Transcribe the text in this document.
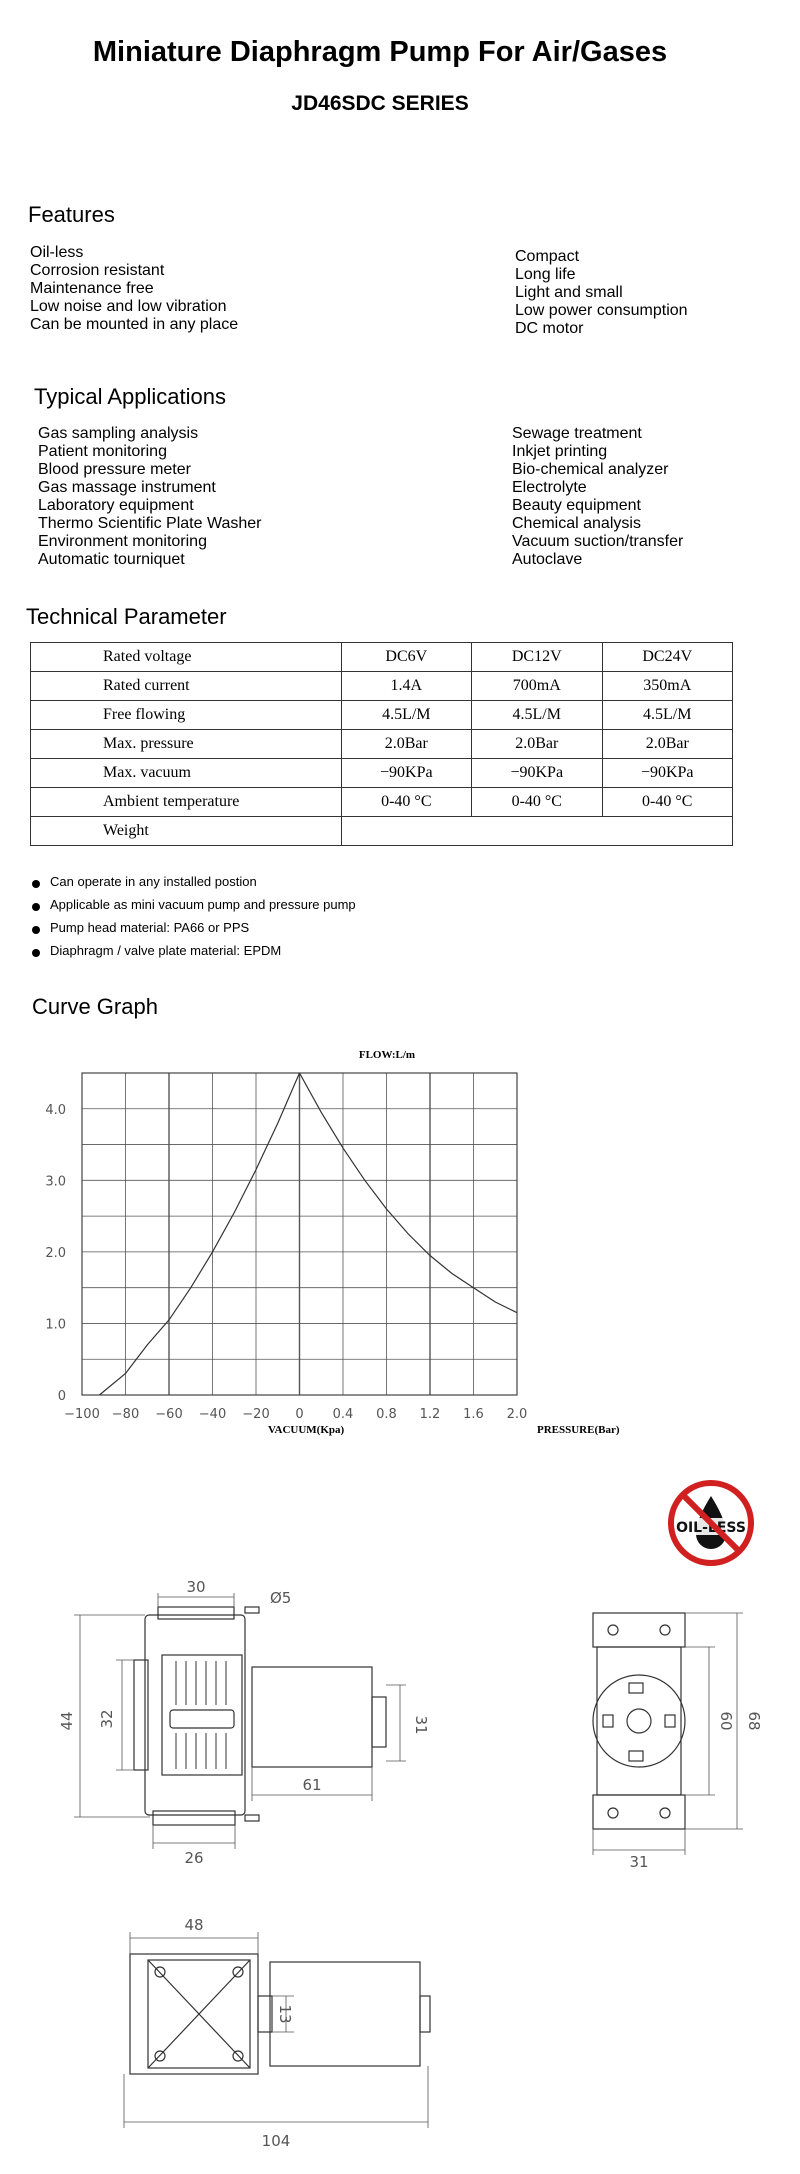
Miniature Diaphragm Pump For Air/Gases
JD46SDC SERIES
Features
Oil-less
Corrosion resistant
Maintenance free
Low noise and low vibration
Can be mounted in any place
Compact
Long life
Light and small
Low power consumption
DC motor
Typical Applications
Gas sampling analysis
Patient monitoring
Blood pressure meter
Gas massage instrument
Laboratory equipment
Thermo Scientific Plate Washer
Environment monitoring
Automatic tourniquet
Sewage treatment
Inkjet printing
Bio-chemical analyzer
Electrolyte
Beauty equipment
Chemical analysis
Vacuum suction/transfer
Autoclave
Technical Parameter
Rated voltage	DC6V	DC12V	DC24V
Rated current	1.4A	700mA	350mA
Free flowing	4.5L/M	4.5L/M	4.5L/M
Max. pressure	2.0Bar	2.0Bar	2.0Bar
Max. vacuum	−90KPa	−90KPa	−90KPa
Ambient temperature	0-40 °C	0-40 °C	0-40 °C
Weight			
Can operate in any installed postion
Applicable as mini vacuum pump and pressure pump
Pump head material: PA66 or PPS
Diaphragm / valve plate material: EPDM
Curve Graph
FLOW:L/m
4.0
3.0
2.0
1.0
0
−100 −80 −60 −40 −20 0 0.4 0.8 1.2 1.6 2.0
VACUUM(Kpa)	PRESSURE(Bar)
OIL-LESS
30
Ø5
44 32
61
31
26
60 68
31
48
13
104
